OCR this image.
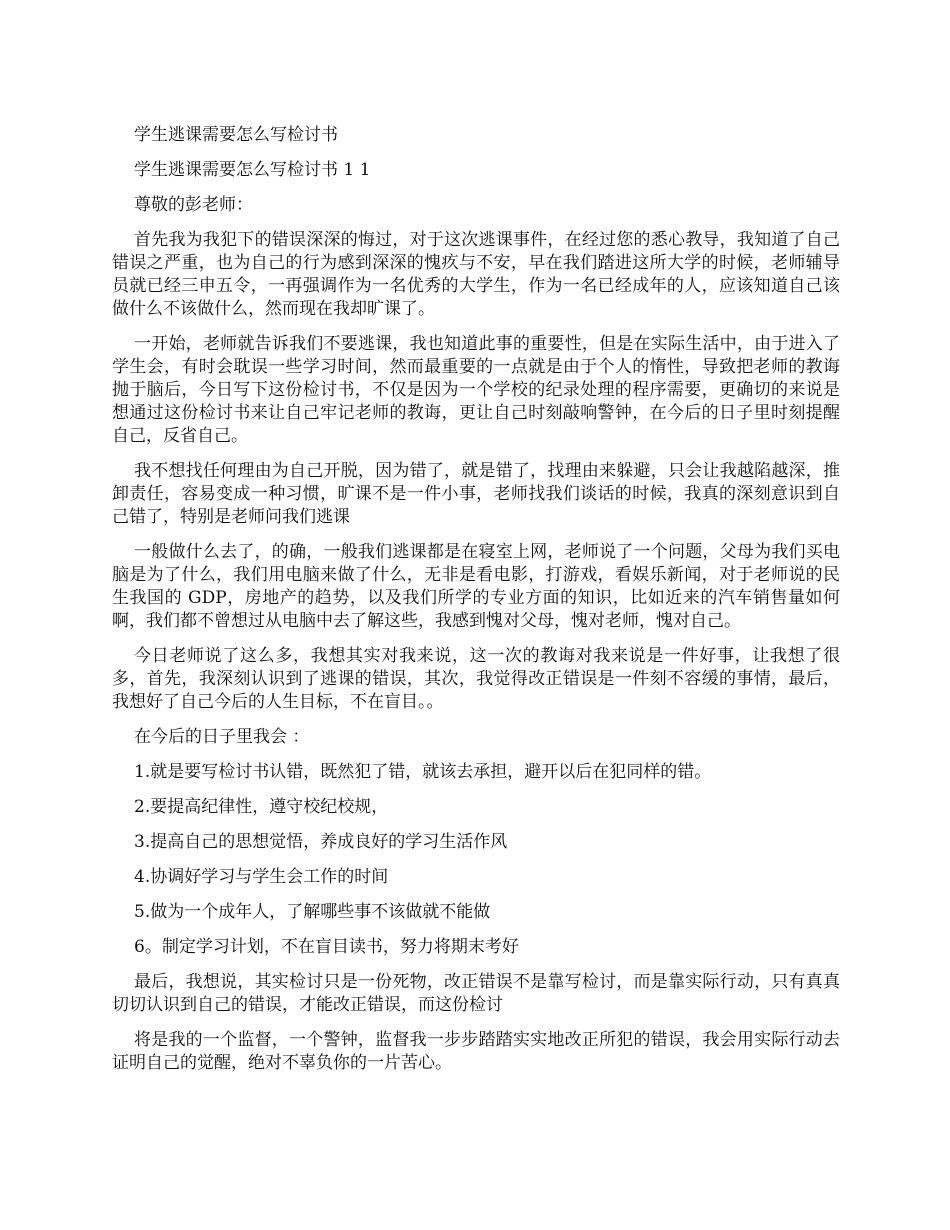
学生逃课需要怎么写检讨书

学生逃课需要怎么写检讨书 1 1

尊敬的彭老师：

首先我为我犯下的错误深深的悔过，对于这次逃课事件，在经过您的悉心教导，我知道了自己错误之严重，也为自己的行为感到深深的愧疚与不安，早在我们踏进这所大学的时候，老师辅导员就已经三申五令，一再强调作为一名优秀的大学生，作为一名已经成年的人，应该知道自己该做什么不该做什么，然而现在我却旷课了。

一开始，老师就告诉我们不要逃课，我也知道此事的重要性，但是在实际生活中，由于进入了学生会，有时会耽误一些学习时间，然而最重要的一点就是由于个人的惰性，导致把老师的教诲抛于脑后，今日写下这份检讨书，不仅是因为一个学校的纪录处理的程序需要，更确切的来说是想通过这份检讨书来让自己牢记老师的教诲，更让自己时刻敲响警钟，在今后的日子里时刻提醒自己，反省自己。

我不想找任何理由为自己开脱，因为错了，就是错了，找理由来躲避，只会让我越陷越深，推卸责任，容易变成一种习惯，旷课不是一件小事，老师找我们谈话的时候，我真的深刻意识到自己错了，特别是老师问我们逃课

一般做什么去了，的确，一般我们逃课都是在寝室上网，老师说了一个问题，父母为我们买电脑是为了什么，我们用电脑来做了什么，无非是看电影，打游戏，看娱乐新闻，对于老师说的民生我国的 GDP，房地产的趋势，以及我们所学的专业方面的知识，比如近来的汽车销售量如何啊，我们都不曾想过从电脑中去了解这些，我感到愧对父母，愧对老师，愧对自己。

今日老师说了这么多，我想其实对我来说，这一次的教诲对我来说是一件好事，让我想了很多，首先，我深刻认识到了逃课的错误，其次，我觉得改正错误是一件刻不容缓的事情，最后，我想好了自己今后的人生目标，不在盲目。。

在今后的日子里我会 ：

1.就是要写检讨书认错，既然犯了错，就该去承担，避开以后在犯同样的错。

2.要提高纪律性，遵守校纪校规，

3.提高自己的思想觉悟，养成良好的学习生活作风

4.协调好学习与学生会工作的时间

5.做为一个成年人，了解哪些事不该做就不能做

6。制定学习计划，不在盲目读书，努力将期末考好

最后，我想说，其实检讨只是一份死物，改正错误不是靠写检讨，而是靠实际行动，只有真真切切认识到自己的错误，才能改正错误，而这份检讨

将是我的一个监督，一个警钟，监督我一步步踏踏实实地改正所犯的错误，我会用实际行动去证明自己的觉醒，绝对不辜负你的一片苦心。
